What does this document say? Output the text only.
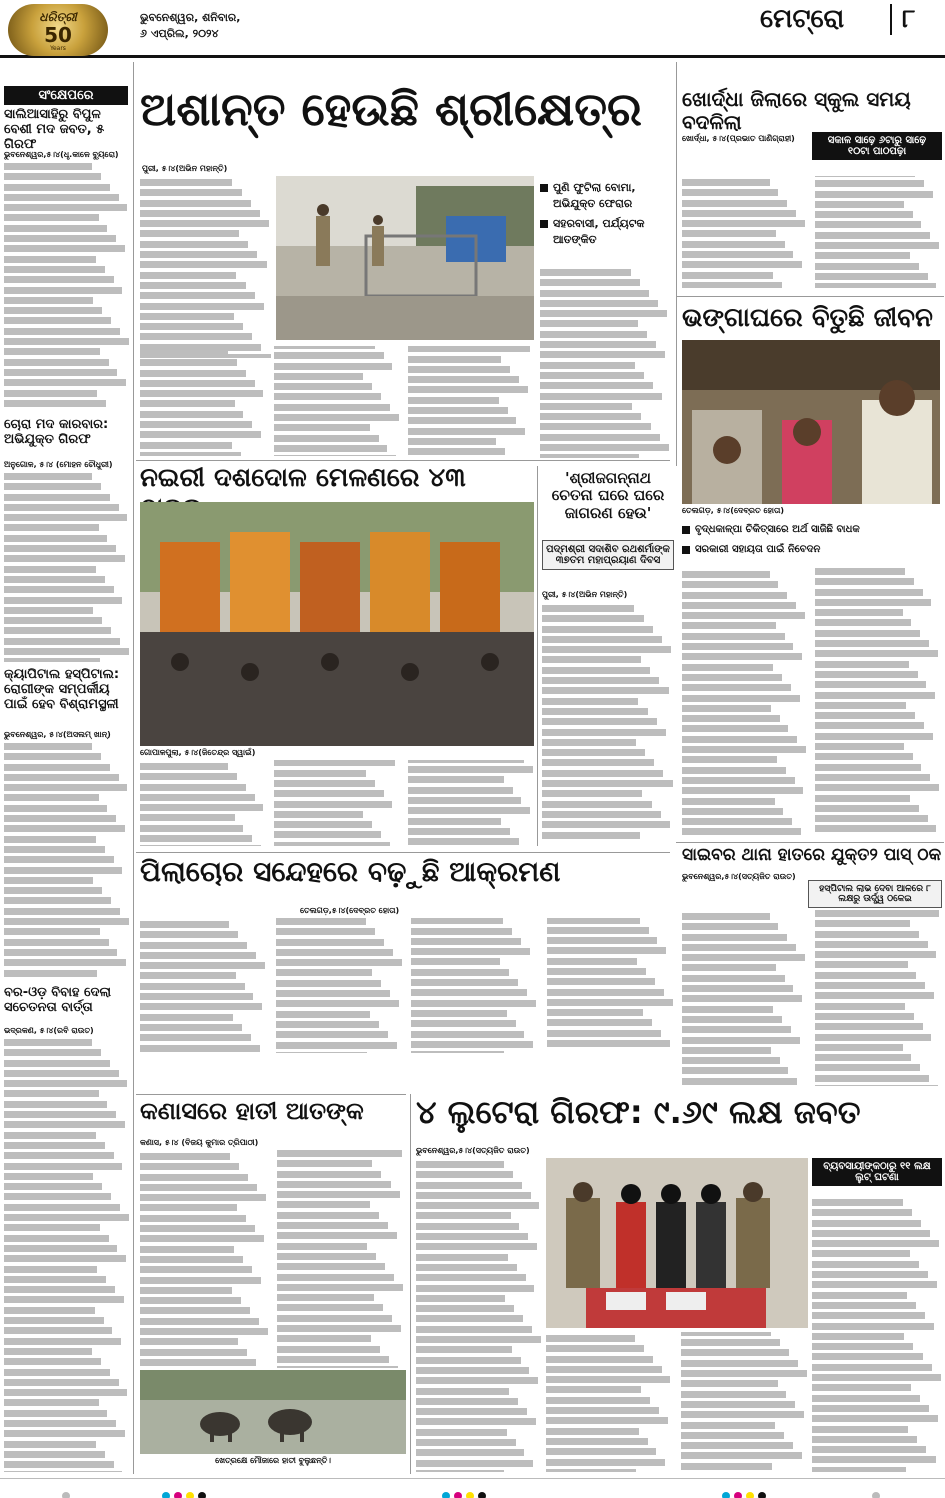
ଧରିତ୍ରୀ
50
Years
ଭୁବନେଶ୍ୱର, ଶନିବାର,
୬ ଏପ୍ରିଲ, ୨୦୨୪	ମେଟ୍ରୋ	୮
ସଂକ୍ଷେପରେ
ସାଲିଆସାହିରୁ ବିପୁଳ ବେଶୀ ମଦ ଜବତ, ୫ ଗିରଫ
ଭୁବନେଶ୍ୱର,୫।୪(ଧୃ.କାଳେ ବ୍ୟୁରୋ)
ଚୋରା ମଦ କାରବାର: ଅଭିଯୁକ୍ତ ଗିରଫ
ଅନୁଗୋଳ, ୫।୪ (ମୋହନ ଚୌଧୁରୀ)
କ୍ୟାପିଟାଲ ହସ୍ପିଟାଲ: ରୋଗୀଙ୍କ ସମ୍ପର୍କୀୟ ପାଇଁ ହେବ ବିଶ୍ରାମସ୍ଥଳୀ
ଭୁବନେଶ୍ୱର, ୫।୪(ଅସଲମ୍ ଖାନ୍)
ବର-ଓଡ଼ ବିବାହ ଦେଲା ସଚେତନତା ବାର୍ତ୍ତା
ଭଦ୍ରକଣ, ୫।୪(ରବି ରାଉତ)
ଅଶାନ୍ତ ହେଉଛି ଶ୍ରୀକ୍ଷେତ୍ର
ପୁରୀ, ୫।୪(ଅଭିନ ମହାନ୍ତି)
ପୁଣି ଫୁଟିଲା ବୋମା, ଅଭିଯୁକ୍ତ ଫେରାର
ସହରବାସୀ, ପର୍ଯ୍ୟଟକ ଆତଙ୍କିତ
ଖୋର୍ଦ୍ଧା ଜିଲାରେ ସ୍କୁଲ ସମୟ ବଦଳିଲା
ଖୋର୍ଦ୍ଧା, ୫।୪(ପ୍ରଭାତ ପାଣିଗ୍ରାହୀ)	ସକାଳ ସାଢ଼େ ୬ଟାରୁ ସାଢ଼େ ୧୦ଟା ପାଠପଢ଼ା
ଭଙ୍ଗାଘରେ ବିତୁଛି ଜୀବନ
ତେଲଗଡ଼, ୫।୪(ଦେବ୍ରତ ହୋତା)
ବୃଦ୍ଧକାଳ୍ପା ଚିକିତ୍ସାରେ ଅର୍ଥ ସାଜିଛି ବାଧକ
ସରକାରୀ ସହାୟତା ପାଇଁ ନିବେଦନ
ନଇରୀ ଦଶଦୋଳ ମେଳଣରେ ୪୩
ଗୋପାଳପୁଲା, ୫।୪(ଜିତେନ୍ଦ୍ର ସ୍ୱାଇଁ)
'ଶ୍ରୀଜଗନ୍ନାଥ ଚେତନା ଘରେ ଘରେ ଜାଗରଣ ହେଉ'
ପଦ୍ମଶ୍ରୀ ସଦାଶିବ ରଥଶର୍ମାଙ୍କ ୩୭ତମ ମହାପ୍ରୟାଣ ଦିବସ
ପୁରୀ, ୫।୪(ଅଭିନ ମହାନ୍ତି)
ପିଲାଚୋର ସନ୍ଦେହରେ ବଢ଼ୁଛି ଆକ୍ରମଣ
ତେଲଗଡ଼,୫।୪(ଦେବ୍ରତ ହୋତା)
ସାଇବର ଥାନା ହାତରେ ଯୁକ୍ତ୨ ପାସ୍ ଠକ
ଭୁବନେଶ୍ୱର,୫।୪(ସତ୍ୟଜିତ ରାଉତ)
ହସ୍ପିଟାଲ ଲାଭ ଦେବା ଆଳରେ ୮ ଲକ୍ଷରୁ ଊର୍ଦ୍ଧ୍ୱ ଠକେଇ
କଣାସରେ ହାତୀ ଆତଙ୍କ
କଣାସ, ୫।୪ (ବିଜୟ କୁମାର ତ୍ରିପାଠୀ)
ଖେତ୍ରକ୍ଷେ ମୌଜାରେ ହାତୀ ବୁଲୁଛନ୍ତି।
୪ ଲୁଟେରା ଗିରଫ: ୯.୬୯ ଲକ୍ଷ ଜବତ
ଭୁବନେଶ୍ୱର,୫।୪(ସତ୍ୟଜିତ ରାଉତ)
ବ୍ୟବସାୟୀଙ୍କଠାରୁ ୧୧ ଲକ୍ଷ ଲୁଟ୍ ଘଟଣା
